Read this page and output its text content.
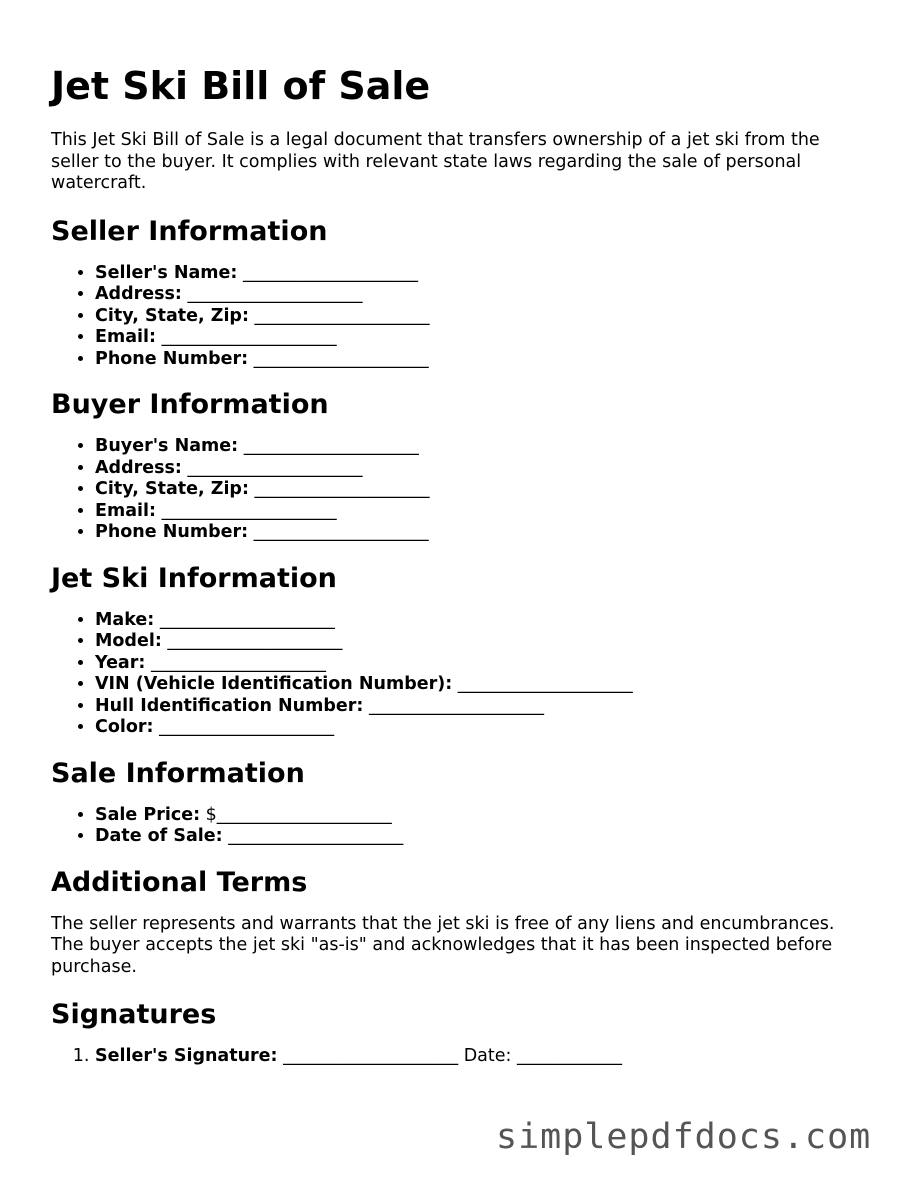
Jet Ski Bill of Sale

This Jet Ski Bill of Sale is a legal document that transfers ownership of a jet ski from the seller to the buyer. It complies with relevant state laws regarding the sale of personal watercraft.

Seller Information
• Seller's Name: ____________________
• Address: ____________________
• City, State, Zip: ____________________
• Email: ____________________
• Phone Number: ____________________
Buyer Information
• Buyer's Name: ____________________
• Address: ____________________
• City, State, Zip: ____________________
• Email: ____________________
• Phone Number: ____________________
Jet Ski Information
• Make: ____________________
• Model: ____________________
• Year: ____________________
• VIN (Vehicle Identification Number): ____________________
• Hull Identification Number: ____________________
• Color: ____________________
Sale Information
• Sale Price: $____________________
• Date of Sale: ____________________
Additional Terms

The seller represents and warrants that the jet ski is free of any liens and encumbrances. The buyer accepts the jet ski "as-is" and acknowledges that it has been inspected before purchase.

Signatures
1. Seller's Signature: ____________________ Date: ____________
simplepdfdocs.com
